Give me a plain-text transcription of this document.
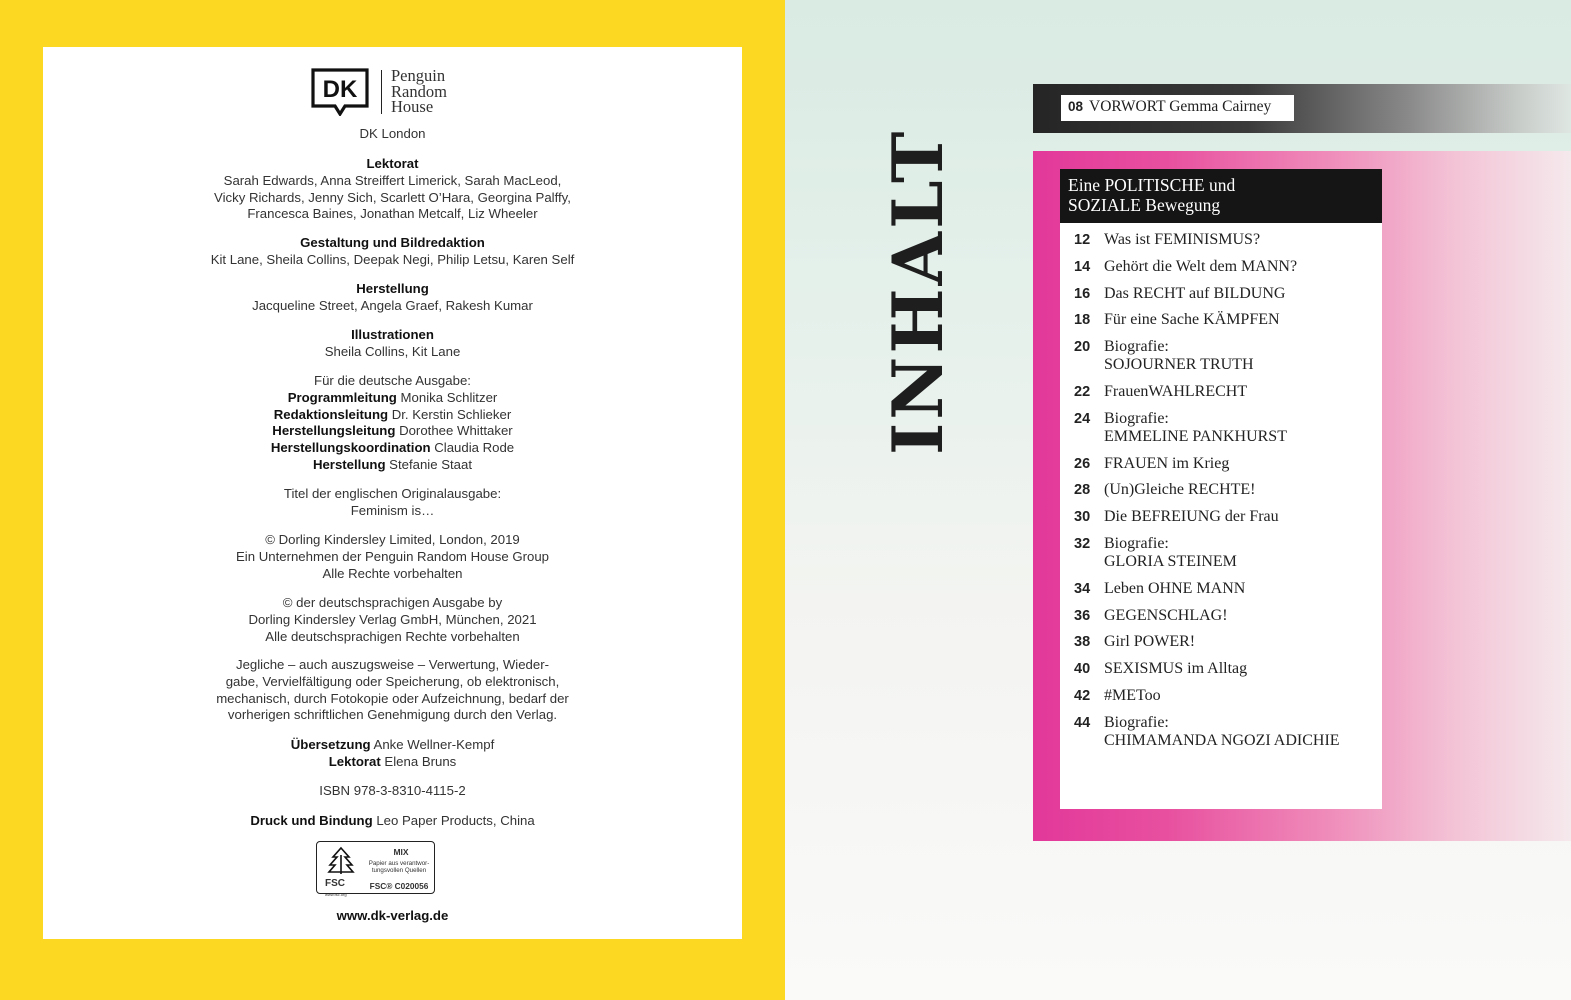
DK
Penguin
Random
House
DK London
Lektorat
Sarah Edwards, Anna Streiffert Limerick, Sarah MacLeod,
Vicky Richards, Jenny Sich, Scarlett O’Hara, Georgina Palffy,
Francesca Baines, Jonathan Metcalf, Liz Wheeler
Gestaltung und Bildredaktion
Kit Lane, Sheila Collins, Deepak Negi, Philip Letsu, Karen Self
Herstellung
Jacqueline Street, Angela Graef, Rakesh Kumar
Illustrationen
Sheila Collins, Kit Lane
Für die deutsche Ausgabe:
Programmleitung Monika Schlitzer
Redaktionsleitung Dr. Kerstin Schlieker
Herstellungsleitung Dorothee Whittaker
Herstellungskoordination Claudia Rode
Herstellung Stefanie Staat
Titel der englischen Originalausgabe:
Feminism is…
© Dorling Kindersley Limited, London, 2019
Ein Unternehmen der Penguin Random House Group
Alle Rechte vorbehalten
© der deutschsprachigen Ausgabe by
Dorling Kindersley Verlag GmbH, München, 2021
Alle deutschsprachigen Rechte vorbehalten
Jegliche – auch auszugsweise – Verwertung, Wieder-
gabe, Vervielfältigung oder Speicherung, ob elektronisch,
mechanisch, durch Fotokopie oder Aufzeichnung, bedarf der
vorherigen schriftlichen Genehmigung durch den Verlag.
Übersetzung Anke Wellner-Kempf
Lektorat Elena Bruns
ISBN 978-3-8310-4115-2
Druck und Bindung Leo Paper Products, China
FSC
www.fsc.org
MIX
Papier aus verantwor-
tungsvollen Quellen
FSC® C020056
www.dk-verlag.de
INHALT
08 VORWORT Gemma Cairney
Eine POLITISCHE und
SOZIALE Bewegung
12 Was ist FEMINISMUS?
14 Gehört die Welt dem MANN?
16 Das RECHT auf BILDUNG
18 Für eine Sache KÄMPFEN
20 Biografie:
SOJOURNER TRUTH
22 FrauenWAHLRECHT
24 Biografie:
EMMELINE PANKHURST
26 FRAUEN im Krieg
28 (Un)Gleiche RECHTE!
30 Die BEFREIUNG der Frau
32 Biografie:
GLORIA STEINEM
34 Leben OHNE MANN
36 GEGENSCHLAG!
38 Girl POWER!
40 SEXISMUS im Alltag
42 #METoo
44 Biografie:
CHIMAMANDA NGOZI ADICHIE
